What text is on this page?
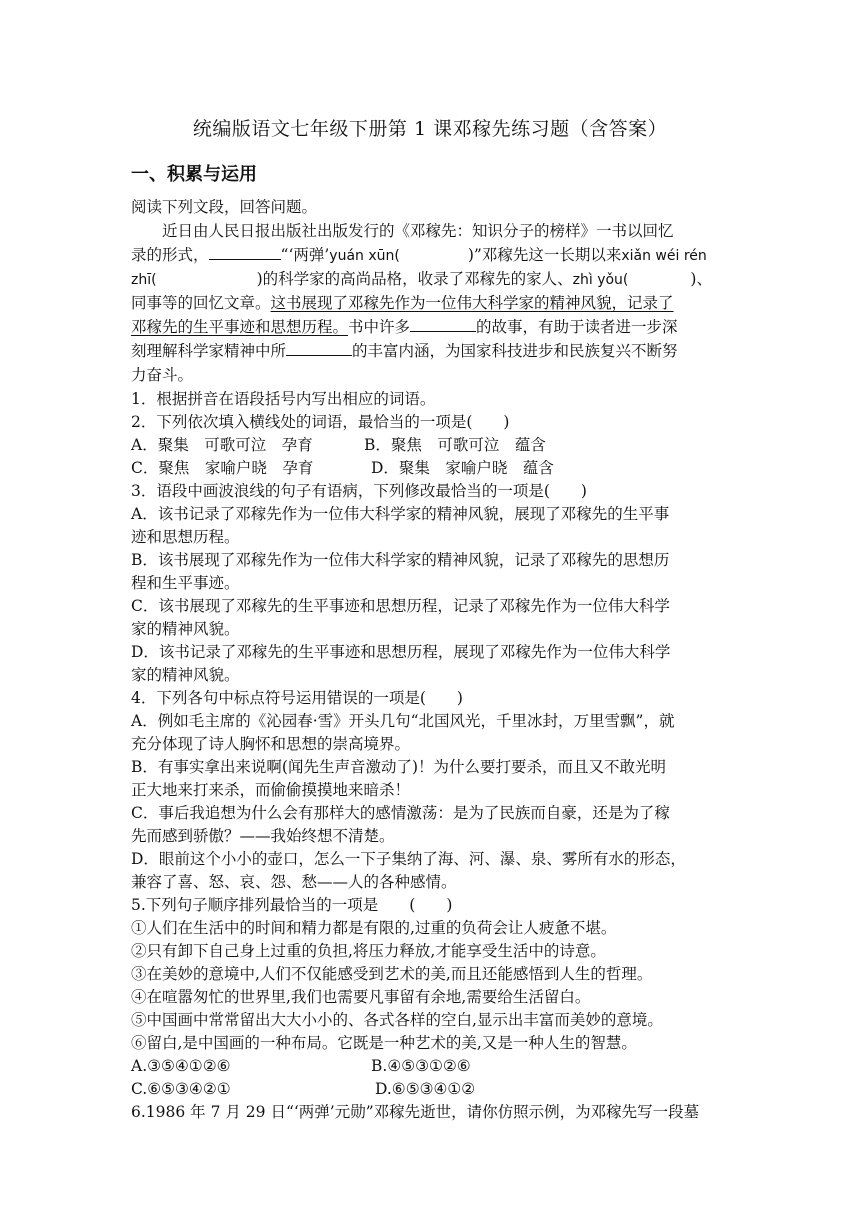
统编版语文七年级下册第 1 课邓稼先练习题（含答案）
一、积累与运用
阅读下列文段，回答问题。
近日由人民日报出版社出版发行的《邓稼先：知识分子的榜样》一书以回忆
录的形式，	“‘两弹’yuán xūn(	)”邓稼先这一长期以来xiǎn wéi rén
zhī(	)的科学家的高尚品格，收录了邓稼先的家人、zhì yǒu(	)、
同事等的回忆文章。这书展现了邓稼先作为一位伟大科学家的精神风貌，记录了
邓稼先的生平事迹和思想历程。书中许多	的故事，有助于读者进一步深
刻理解科学家精神中所	的丰富内涵，为国家科技进步和民族复兴不断努
力奋斗。
1．根据拼音在语段括号内写出相应的词语。
2．下列依次填入横线处的词语，最恰当的一项是(　　)
A．聚集　可歌可泣　孕育	B．聚焦　可歌可泣　蕴含
C．聚焦　家喻户晓　孕育	D．聚集　家喻户晓　蕴含
3．语段中画波浪线的句子有语病，下列修改最恰当的一项是(　　)
A．该书记录了邓稼先作为一位伟大科学家的精神风貌，展现了邓稼先的生平事
迹和思想历程。
B．该书展现了邓稼先作为一位伟大科学家的精神风貌，记录了邓稼先的思想历
程和生平事迹。
C．该书展现了邓稼先的生平事迹和思想历程，记录了邓稼先作为一位伟大科学
家的精神风貌。
D．该书记录了邓稼先的生平事迹和思想历程，展现了邓稼先作为一位伟大科学
家的精神风貌。
4．下列各句中标点符号运用错误的一项是(　　)
A．例如毛主席的《沁园春·雪》开头几句“北国风光，千里冰封，万里雪飘”，就
充分体现了诗人胸怀和思想的崇高境界。
B．有事实拿出来说啊(闻先生声音激动了)！为什么要打要杀，而且又不敢光明
正大地来打来杀，而偷偷摸摸地来暗杀！
C．事后我追想为什么会有那样大的感情激荡：是为了民族而自豪，还是为了稼
先而感到骄傲？——我始终想不清楚。
D．眼前这个小小的壶口，怎么一下子集纳了海、河、瀑、泉、雾所有水的形态，
兼容了喜、怒、哀、怨、愁——人的各种感情。
5.下列句子顺序排列最恰当的一项是　　(　　)
①人们在生活中的时间和精力都是有限的,过重的负荷会让人疲惫不堪。
②只有卸下自己身上过重的负担,将压力释放,才能享受生活中的诗意。
③在美妙的意境中,人们不仅能感受到艺术的美,而且还能感悟到人生的哲理。
④在喧嚣匆忙的世界里,我们也需要凡事留有余地,需要给生活留白。
⑤中国画中常常留出大大小小的、各式各样的空白,显示出丰富而美妙的意境。
⑥留白,是中国画的一种布局。它既是一种艺术的美,又是一种人生的智慧。
A.③⑤④①②⑥	B.④⑤③①②⑥
C.⑥⑤③④②①	D.⑥⑤③④①②
6.1986 年 7 月 29 日“‘两弹’元勋”邓稼先逝世，请你仿照示例，为邓稼先写一段墓
